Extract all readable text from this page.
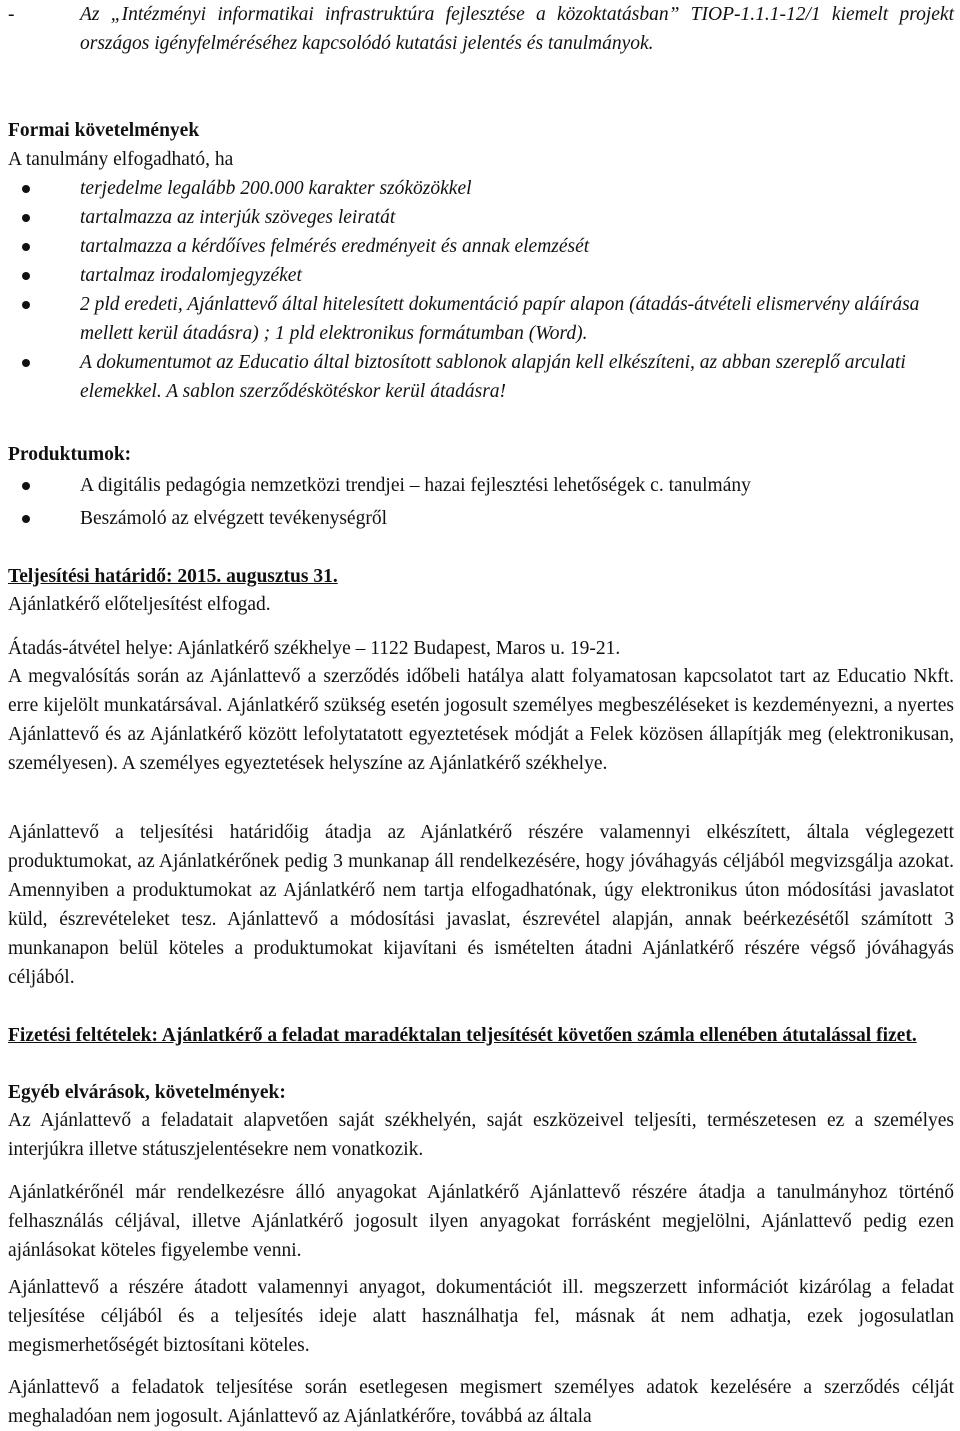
-	Az „Intézményi informatikai infrastruktúra fejlesztése a közoktatásban” TIOP-1.1.1-12/1 kiemelt projekt országos igényfelméréséhez kapcsolódó kutatási jelentés és tanulmányok.
Formai követelmények
A tanulmány elfogadható, ha
terjedelme legalább 200.000 karakter szóközökkel
tartalmazza az interjúk szöveges leiratát
tartalmazza a kérdőíves felmérés eredményeit és annak elemzését
tartalmaz irodalomjegyzéket
2 pld eredeti, Ajánlattevő által hitelesített dokumentáció papír alapon (átadás-átvételi elismervény aláírása mellett kerül átadásra) ; 1 pld elektronikus formátumban (Word).
A dokumentumot az Educatio által biztosított sablonok alapján kell elkészíteni, az abban szereplő arculati elemekkel. A sablon szerződéskötéskor kerül átadásra!
Produktumok:
A digitális pedagógia nemzetközi trendjei – hazai fejlesztési lehetőségek c. tanulmány
Beszámoló az elvégzett tevékenységről
Teljesítési határidő: 2015. augusztus 31.
Ajánlatkérő előteljesítést elfogad.
Átadás-átvétel helye: Ajánlatkérő székhelye – 1122 Budapest, Maros u. 19-21.
A megvalósítás során az Ajánlattevő a szerződés időbeli hatálya alatt folyamatosan kapcsolatot tart az Educatio Nkft. erre kijelölt munkatársával. Ajánlatkérő szükség esetén jogosult személyes megbeszéléseket is kezdeményezni, a nyertes Ajánlattevő és az Ajánlatkérő között lefolytatatott egyeztetések módját a Felek közösen állapítják meg (elektronikusan, személyesen). A személyes egyeztetések helyszíne az Ajánlatkérő székhelye.
Ajánlattevő a teljesítési határidőig átadja az Ajánlatkérő részére valamennyi elkészített, általa véglegezett produktumokat, az Ajánlatkérőnek pedig 3 munkanap áll rendelkezésére, hogy jóváhagyás céljából megvizsgálja azokat. Amennyiben a produktumokat az Ajánlatkérő nem tartja elfogadhatónak, úgy elektronikus úton módosítási javaslatot küld, észrevételeket tesz. Ajánlattevő a módosítási javaslat, észrevétel alapján, annak beérkezésétől számított 3 munkanapon belül köteles a produktumokat kijavítani és ismételten átadni Ajánlatkérő részére végső jóváhagyás céljából.
Fizetési feltételek: Ajánlatkérő a feladat maradéktalan teljesítését követően számla ellenében átutalással fizet.
Egyéb elvárások, követelmények:
Az Ajánlattevő a feladatait alapvetően saját székhelyén, saját eszközeivel teljesíti, természetesen ez a személyes interjúkra illetve státuszjelentésekre nem vonatkozik.
Ajánlatkérőnél már rendelkezésre álló anyagokat Ajánlatkérő Ajánlattevő részére átadja a tanulmányhoz történő felhasználás céljával, illetve Ajánlatkérő jogosult ilyen anyagokat forrásként megjelölni, Ajánlattevő pedig ezen ajánlásokat köteles figyelembe venni.
Ajánlattevő a részére átadott valamennyi anyagot, dokumentációt ill. megszerzett információt kizárólag a feladat teljesítése céljából és a teljesítés ideje alatt használhatja fel, másnak át nem adhatja, ezek jogosulatlan megismerhetőségét biztosítani köteles.
Ajánlattevő a feladatok teljesítése során esetlegesen megismert személyes adatok kezelésére a szerződés célját meghaladóan nem jogosult. Ajánlattevő az Ajánlatkérőre, továbbá az általa
